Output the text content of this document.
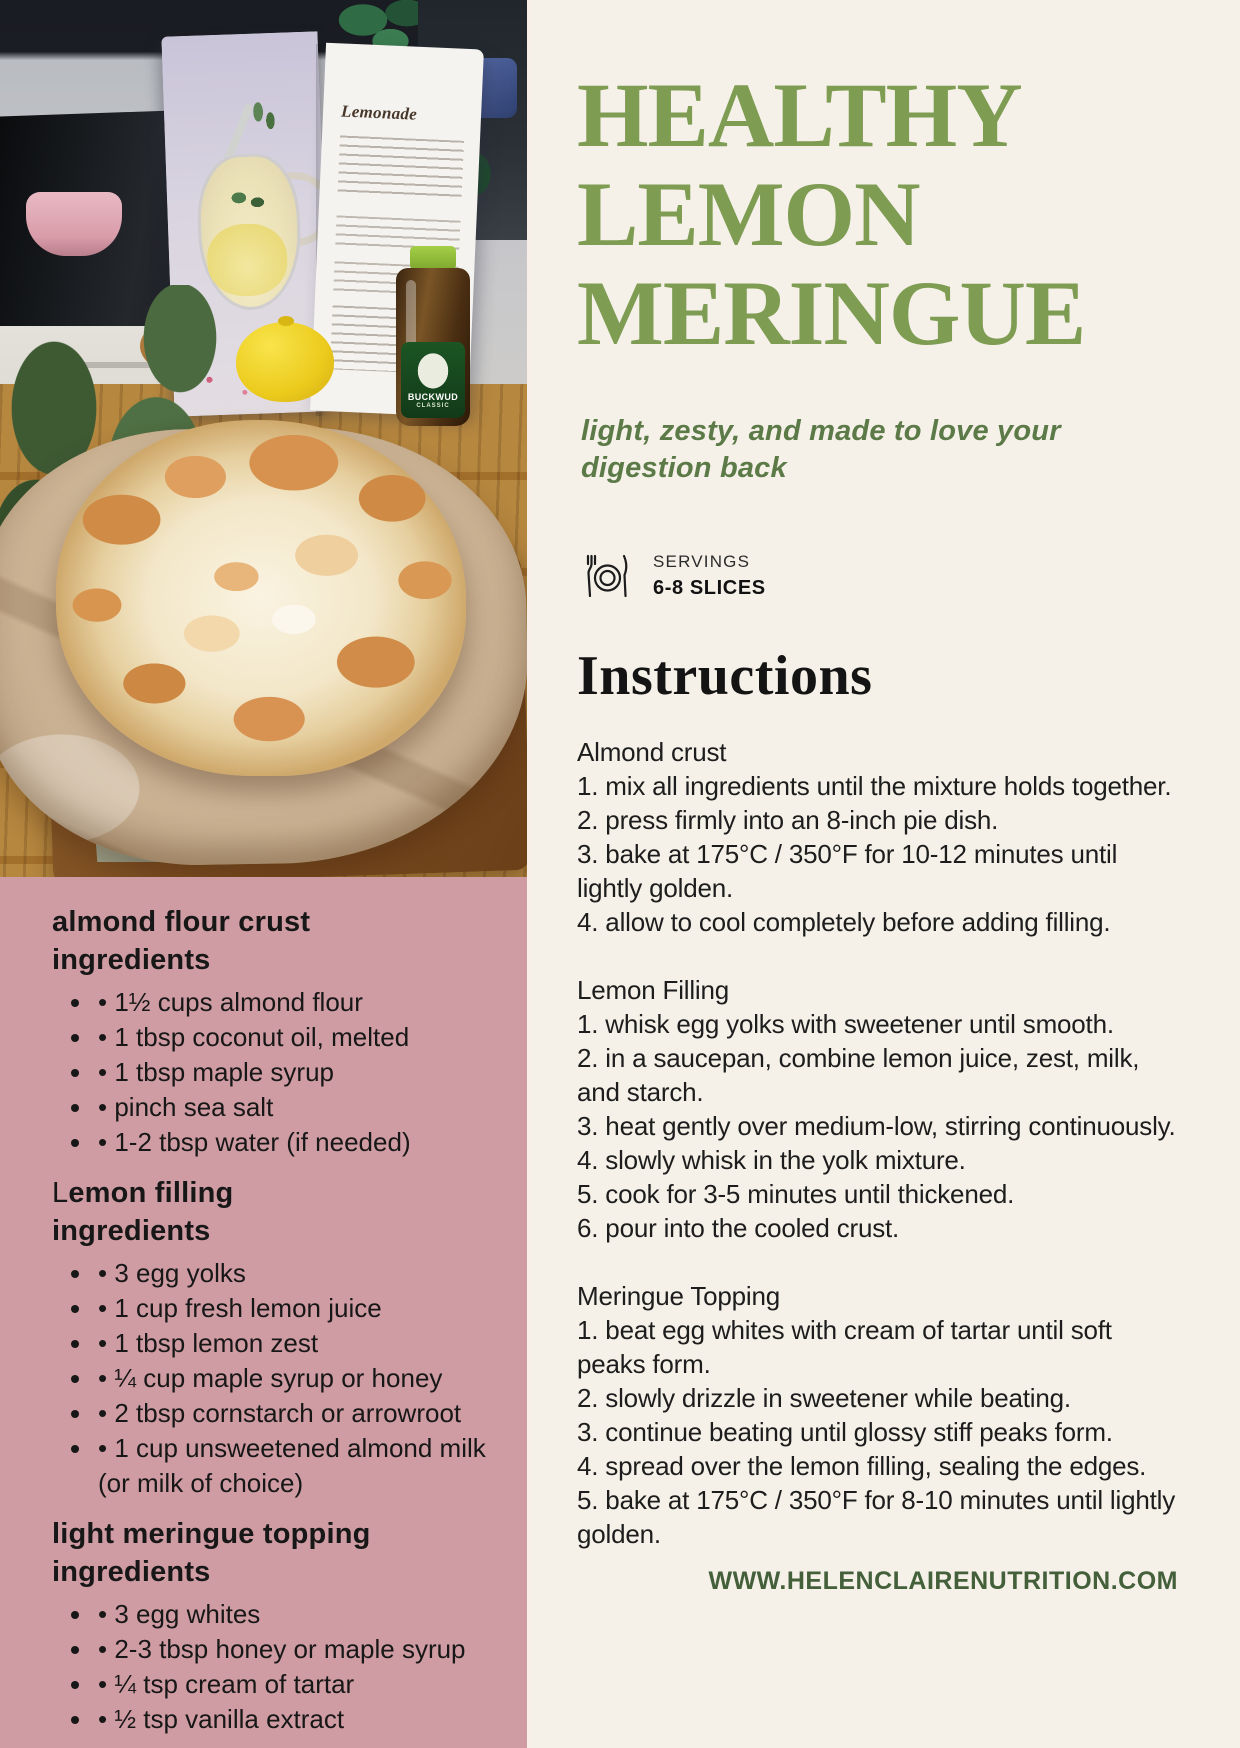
Lemonade
BUCKWUD
CLASSIC
almond flour crust
ingredients
• • 1½ cups almond flour
• • 1 tbsp coconut oil, melted
• • 1 tbsp maple syrup
• • pinch sea salt
• • 1-2 tbsp water (if needed)
Lemon filling
ingredients
• • 3 egg yolks
• • 1 cup fresh lemon juice
• • 1 tbsp lemon zest
• • ¼ cup maple syrup or honey
• • 2 tbsp cornstarch or arrowroot
• • 1 cup unsweetened almond milk (or milk of choice)
light meringue topping
ingredients
• • 3 egg whites
• • 2-3 tbsp honey or maple syrup
• • ¼ tsp cream of tartar
• • ½ tsp vanilla extract
HEALTHY
LEMON
MERINGUE

light, zesty, and made to love your digestion back

SERVINGS
6-8 SLICES
Instructions
Almond crust
1. mix all ingredients until the mixture holds together.
2. press firmly into an 8-inch pie dish.
3. bake at 175°C / 350°F for 10-12 minutes until lightly golden.
4. allow to cool completely before adding filling.
Lemon Filling
1. whisk egg yolks with sweetener until smooth.
2. in a saucepan, combine lemon juice, zest, milk, and starch.
3. heat gently over medium-low, stirring continuously.
4. slowly whisk in the yolk mixture.
5. cook for 3-5 minutes until thickened.
6. pour into the cooled crust.
Meringue Topping
1. beat egg whites with cream of tartar until soft peaks form.
2. slowly drizzle in sweetener while beating.
3. continue beating until glossy stiff peaks form.
4. spread over the lemon filling, sealing the edges.
5. bake at 175°C / 350°F for 8-10 minutes until lightly golden.
WWW.HELENCLAIRENUTRITION.COM
